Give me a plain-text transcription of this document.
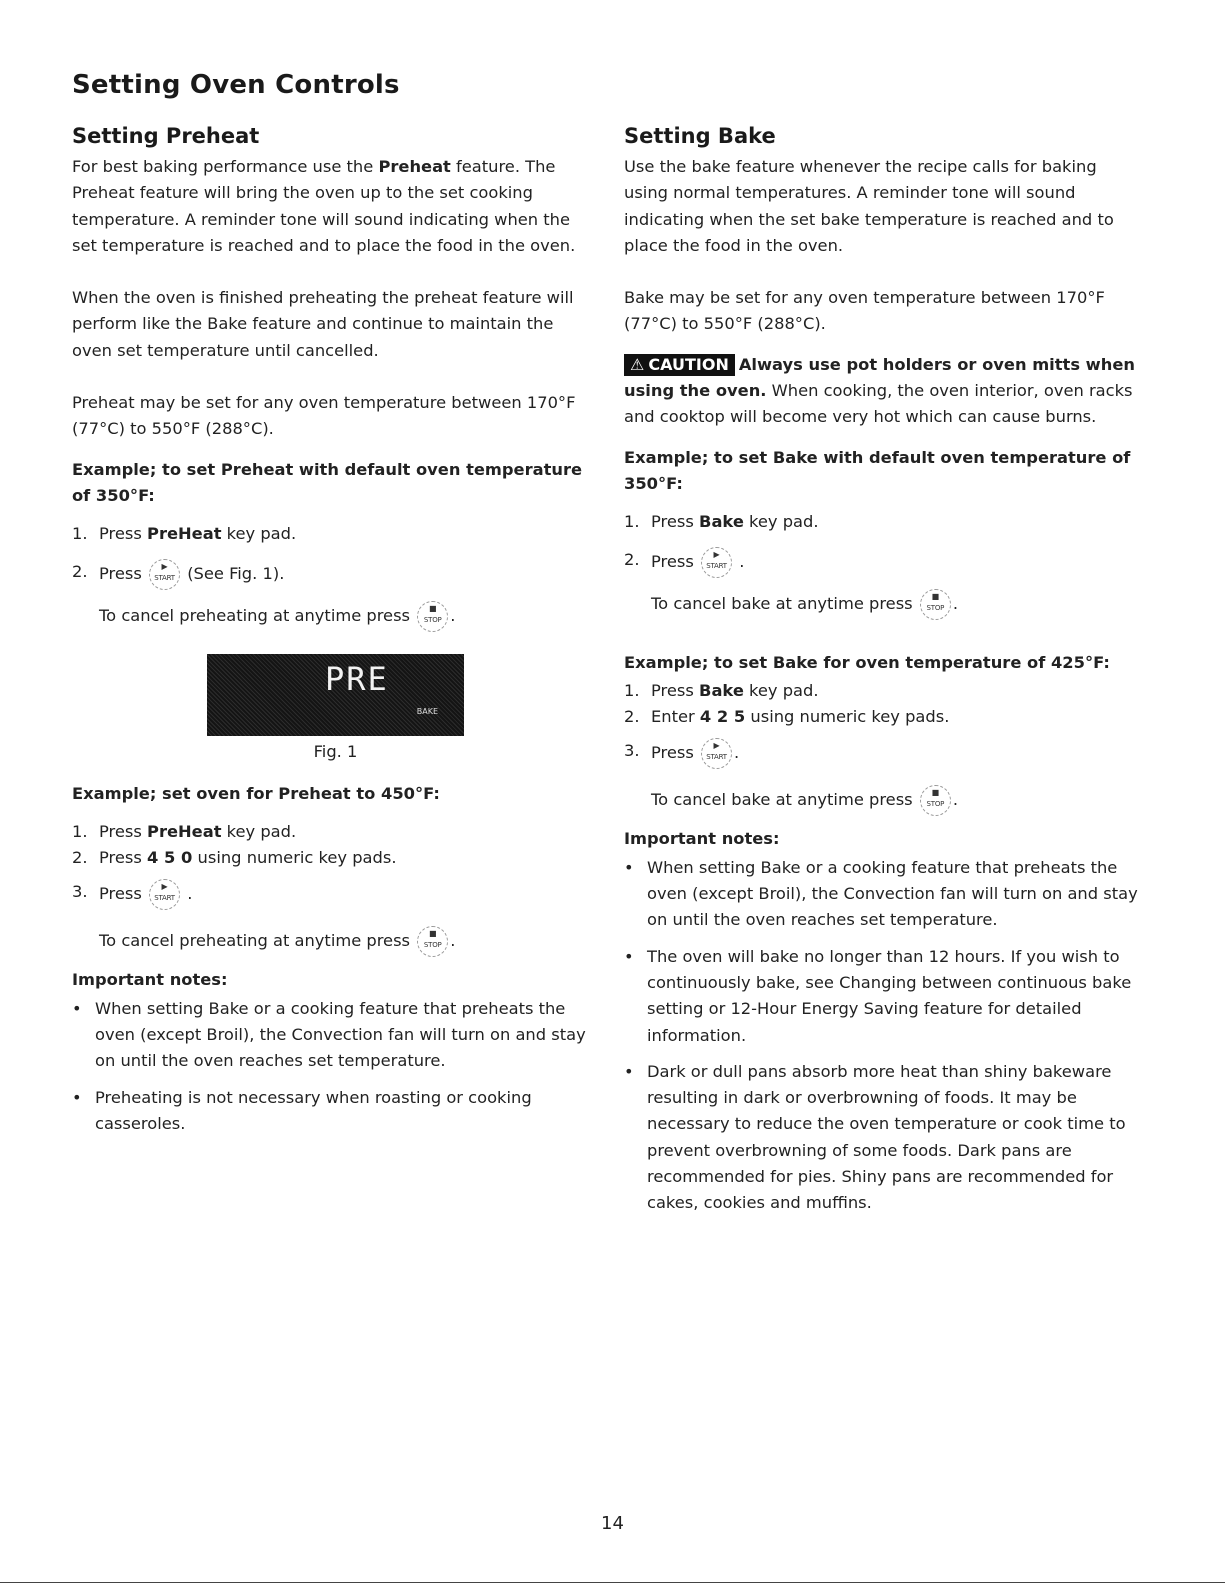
Setting Oven Controls
Setting Preheat

For best baking performance use the Preheat feature. The Preheat feature will bring the oven up to the set cooking temperature. A reminder tone will sound indicating when the set temperature is reached and to place the food in the oven.

When the oven is finished preheating the preheat feature will perform like the Bake feature and continue to maintain the oven set temperature until cancelled.

Preheat may be set for any oven temperature between 170°F (77°C) to 550°F (288°C).

Example; to set Preheat with default oven temperature of 350°F:
1. Press PreHeat key pad.
2. Press	▶
START (See Fig. 1).
To cancel preheating at anytime press	■
STOP .
PRE
BAKE
Fig. 1
Example; set oven for Preheat to 450°F:
1. Press PreHeat key pad.
2. Press 4 5 0 using numeric key pads.
3. Press	▶
START .
To cancel preheating at anytime press	■
STOP .
Important notes:
• When setting Bake or a cooking feature that preheats the oven (except Broil), the Convection fan will turn on and stay on until the oven reaches set temperature.
• Preheating is not necessary when roasting or cooking casseroles.
Setting Bake

Use the bake feature whenever the recipe calls for baking using normal temperatures. A reminder tone will sound indicating when the set bake temperature is reached and to place the food in the oven.

Bake may be set for any oven temperature between 170°F (77°C) to 550°F (288°C).

⚠ CAUTION Always use pot holders or oven mitts when using the oven. When cooking, the oven interior, oven racks and cooktop will become very hot which can cause burns.
Example; to set Bake with default oven temperature of 350°F:
1. Press Bake key pad.
2. Press	▶
START .
To cancel bake at anytime press	■
STOP .
Example; to set Bake for oven temperature of 425°F:
1. Press Bake key pad.
2. Enter 4 2 5 using numeric key pads.
3. Press	▶
START .
To cancel bake at anytime press	■
STOP .
Important notes:
• When setting Bake or a cooking feature that preheats the oven (except Broil), the Convection fan will turn on and stay on until the oven reaches set temperature.
• The oven will bake no longer than 12 hours. If you wish to continuously bake, see Changing between continuous bake setting or 12-Hour Energy Saving feature for detailed information.
• Dark or dull pans absorb more heat than shiny bakeware resulting in dark or overbrowning of foods. It may be necessary to reduce the oven temperature or cook time to prevent overbrowning of some foods. Dark pans are recommended for pies. Shiny pans are recommended for cakes, cookies and muffins.
14
